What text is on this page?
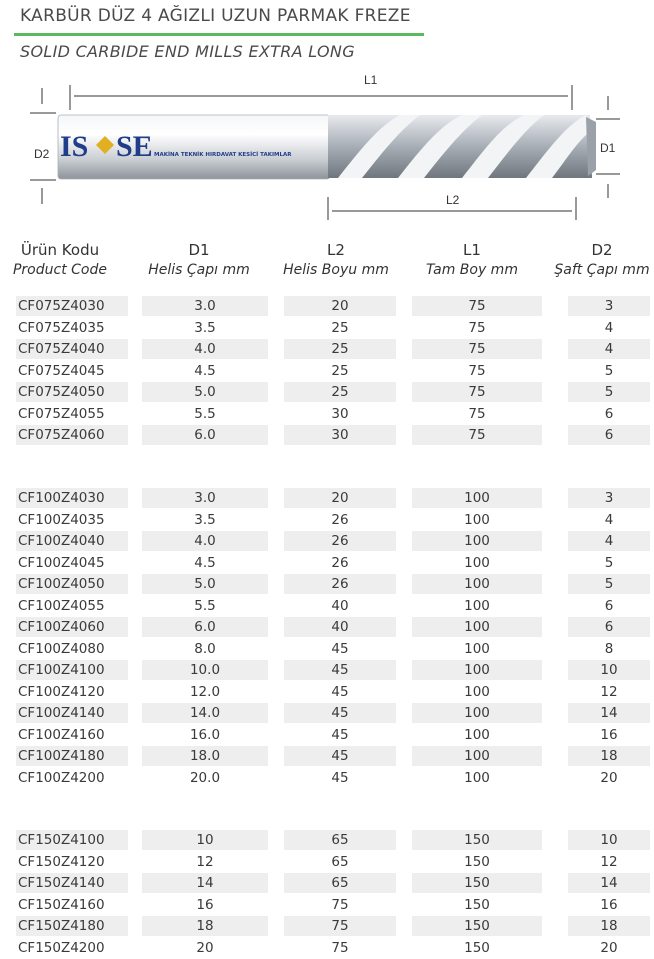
KARBÜR DÜZ 4 AĞIZLI UZUN PARMAK FREZE
SOLID CARBIDE END MILLS EXTRA LONG
L1
D2 IS SE MAKİNA TEKNİK HIRDAVAT KESİCİ TAKIMLAR	D1
L2
Ürün Kodu
Product Code
D1
Helis Çapı mm
L2
Helis Boyu mm
L1
Tam Boy mm
D2
Şaft Çapı mm
CF075Z4030	3.0	20	75	3
CF075Z4035	3.5	25	75	4
CF075Z4040	4.0	25	75	4
CF075Z4045	4.5	25	75	5
CF075Z4050	5.0	25	75	5
CF075Z4055	5.5	30	75	6
CF075Z4060	6.0	30	75	6
CF100Z4030	3.0	20	100	3
CF100Z4035	3.5	26	100	4
CF100Z4040	4.0	26	100	4
CF100Z4045	4.5	26	100	5
CF100Z4050	5.0	26	100	5
CF100Z4055	5.5	40	100	6
CF100Z4060	6.0	40	100	6
CF100Z4080	8.0	45	100	8
CF100Z4100	10.0	45	100	10
CF100Z4120	12.0	45	100	12
CF100Z4140	14.0	45	100	14
CF100Z4160	16.0	45	100	16
CF100Z4180	18.0	45	100	18
CF100Z4200	20.0	45	100	20
CF150Z4100	10	65	150	10
CF150Z4120	12	65	150	12
CF150Z4140	14	65	150	14
CF150Z4160	16	75	150	16
CF150Z4180	18	75	150	18
CF150Z4200	20	75	150	20
